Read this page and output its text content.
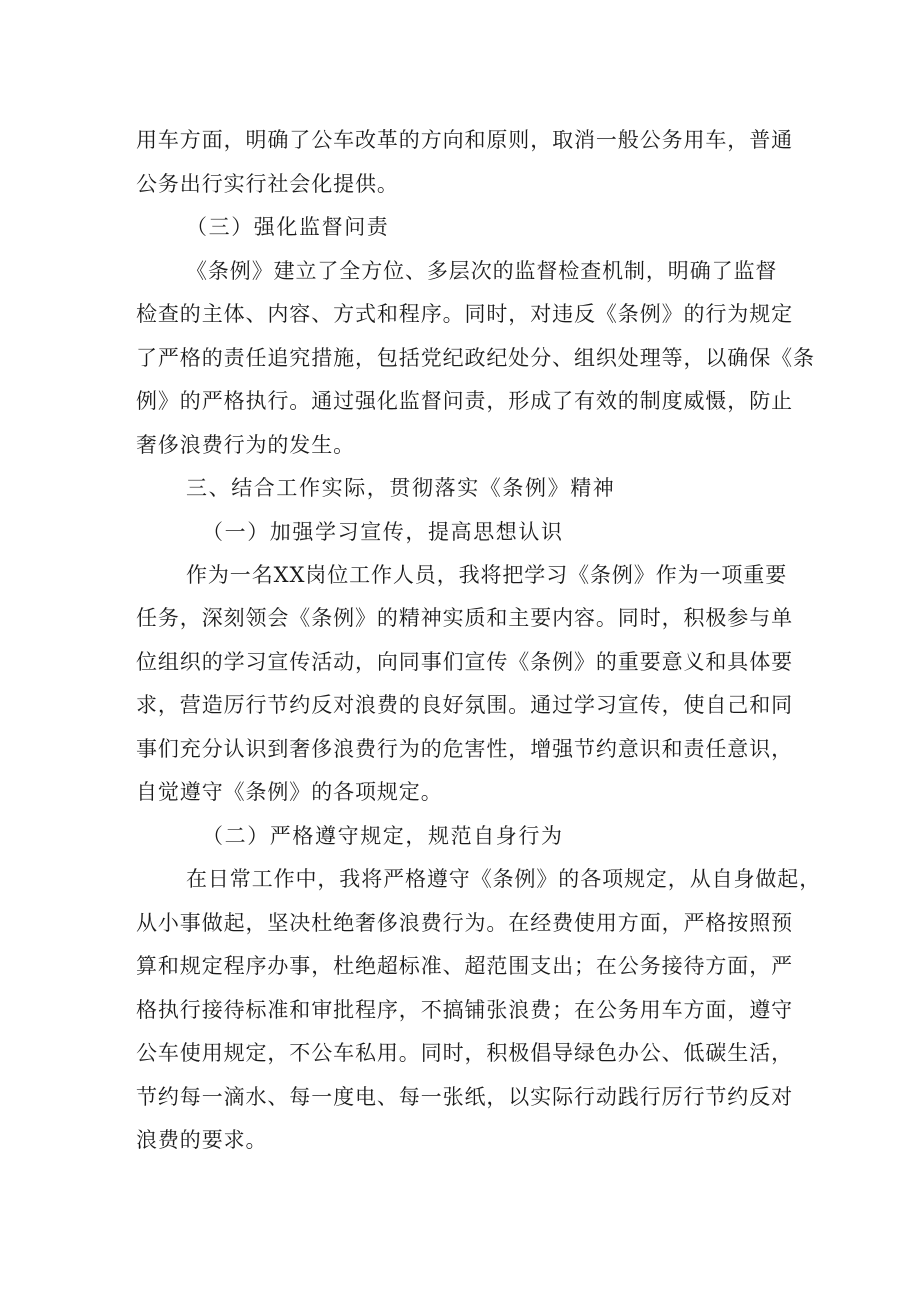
用车方面，明确了公车改革的方向和原则，取消一般公务用车，普通
公务出行实行社会化提供。
（三）强化监督问责
《条例》建立了全方位、多层次的监督检查机制，明确了监督
检查的主体、内容、方式和程序。同时，对违反《条例》的行为规定
了严格的责任追究措施，包括党纪政纪处分、组织处理等，以确保《条
例》的严格执行。通过强化监督问责，形成了有效的制度威慑，防止
奢侈浪费行为的发生。
三、结合工作实际，贯彻落实《条例》精神
（一）加强学习宣传，提高思想认识
作为一名XX岗位工作人员，我将把学习《条例》作为一项重要
任务，深刻领会《条例》的精神实质和主要内容。同时，积极参与单
位组织的学习宣传活动，向同事们宣传《条例》的重要意义和具体要
求，营造厉行节约反对浪费的良好氛围。通过学习宣传，使自己和同
事们充分认识到奢侈浪费行为的危害性，增强节约意识和责任意识，
自觉遵守《条例》的各项规定。
（二）严格遵守规定，规范自身行为
在日常工作中，我将严格遵守《条例》的各项规定，从自身做起，
从小事做起，坚决杜绝奢侈浪费行为。在经费使用方面，严格按照预
算和规定程序办事，杜绝超标准、超范围支出；在公务接待方面，严
格执行接待标准和审批程序，不搞铺张浪费；在公务用车方面，遵守
公车使用规定，不公车私用。同时，积极倡导绿色办公、低碳生活，
节约每一滴水、每一度电、每一张纸，以实际行动践行厉行节约反对
浪费的要求。
